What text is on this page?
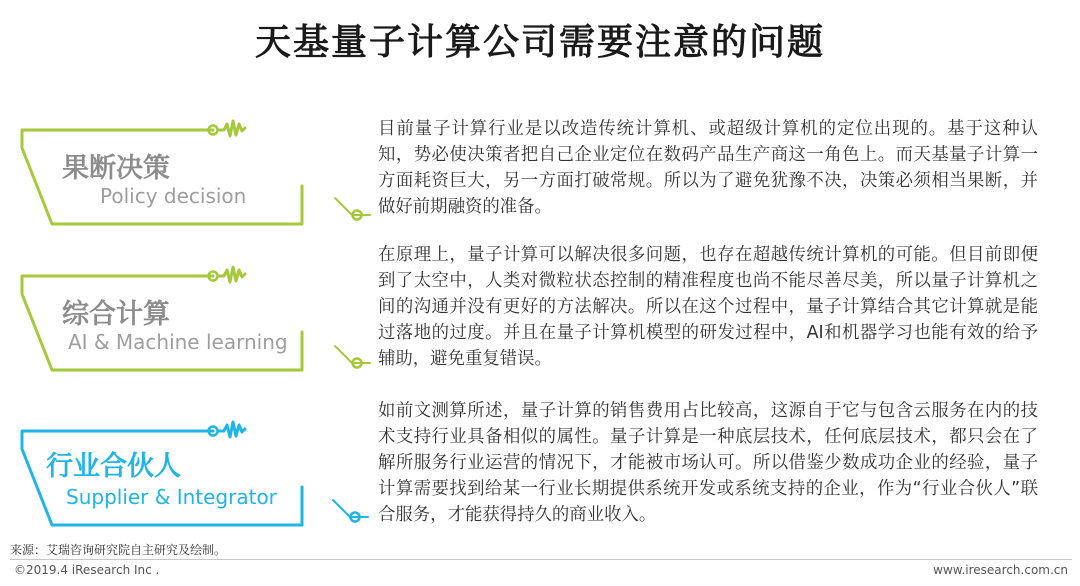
天基量子计算公司需要注意的问题
果断决策
Policy decision

目前量子计算行业是以改造传统计算机、或超级计算机的定位出现的。基于这种认知，势必使决策者把自己企业定位在数码产品生产商这一角色上。而天基量子计算一方面耗资巨大，另一方面打破常规。所以为了避免犹豫不决，决策必须相当果断，并做好前期融资的准备。

综合计算
AI & Machine learning

在原理上，量子计算可以解决很多问题，也存在超越传统计算机的可能。但目前即便到了太空中，人类对微粒状态控制的精准程度也尚不能尽善尽美，所以量子计算机之间的沟通并没有更好的方法解决。所以在这个过程中，量子计算结合其它计算就是能过落地的过度。并且在量子计算机模型的研发过程中，AI和机器学习也能有效的给予辅助，避免重复错误。

行业合伙人
Supplier & Integrator

如前文测算所述，量子计算的销售费用占比较高，这源自于它与包含云服务在内的技术支持行业具备相似的属性。量子计算是一种底层技术，任何底层技术，都只会在了解所服务行业运营的情况下，才能被市场认可。所以借鉴少数成功企业的经验，量子计算需要找到给某一行业长期提供系统开发或系统支持的企业，作为“行业合伙人”联合服务，才能获得持久的商业收入。

来源：艾瑞咨询研究院自主研究及绘制。
©2019.4 iResearch Inc .	www.iresearch.com.cn
